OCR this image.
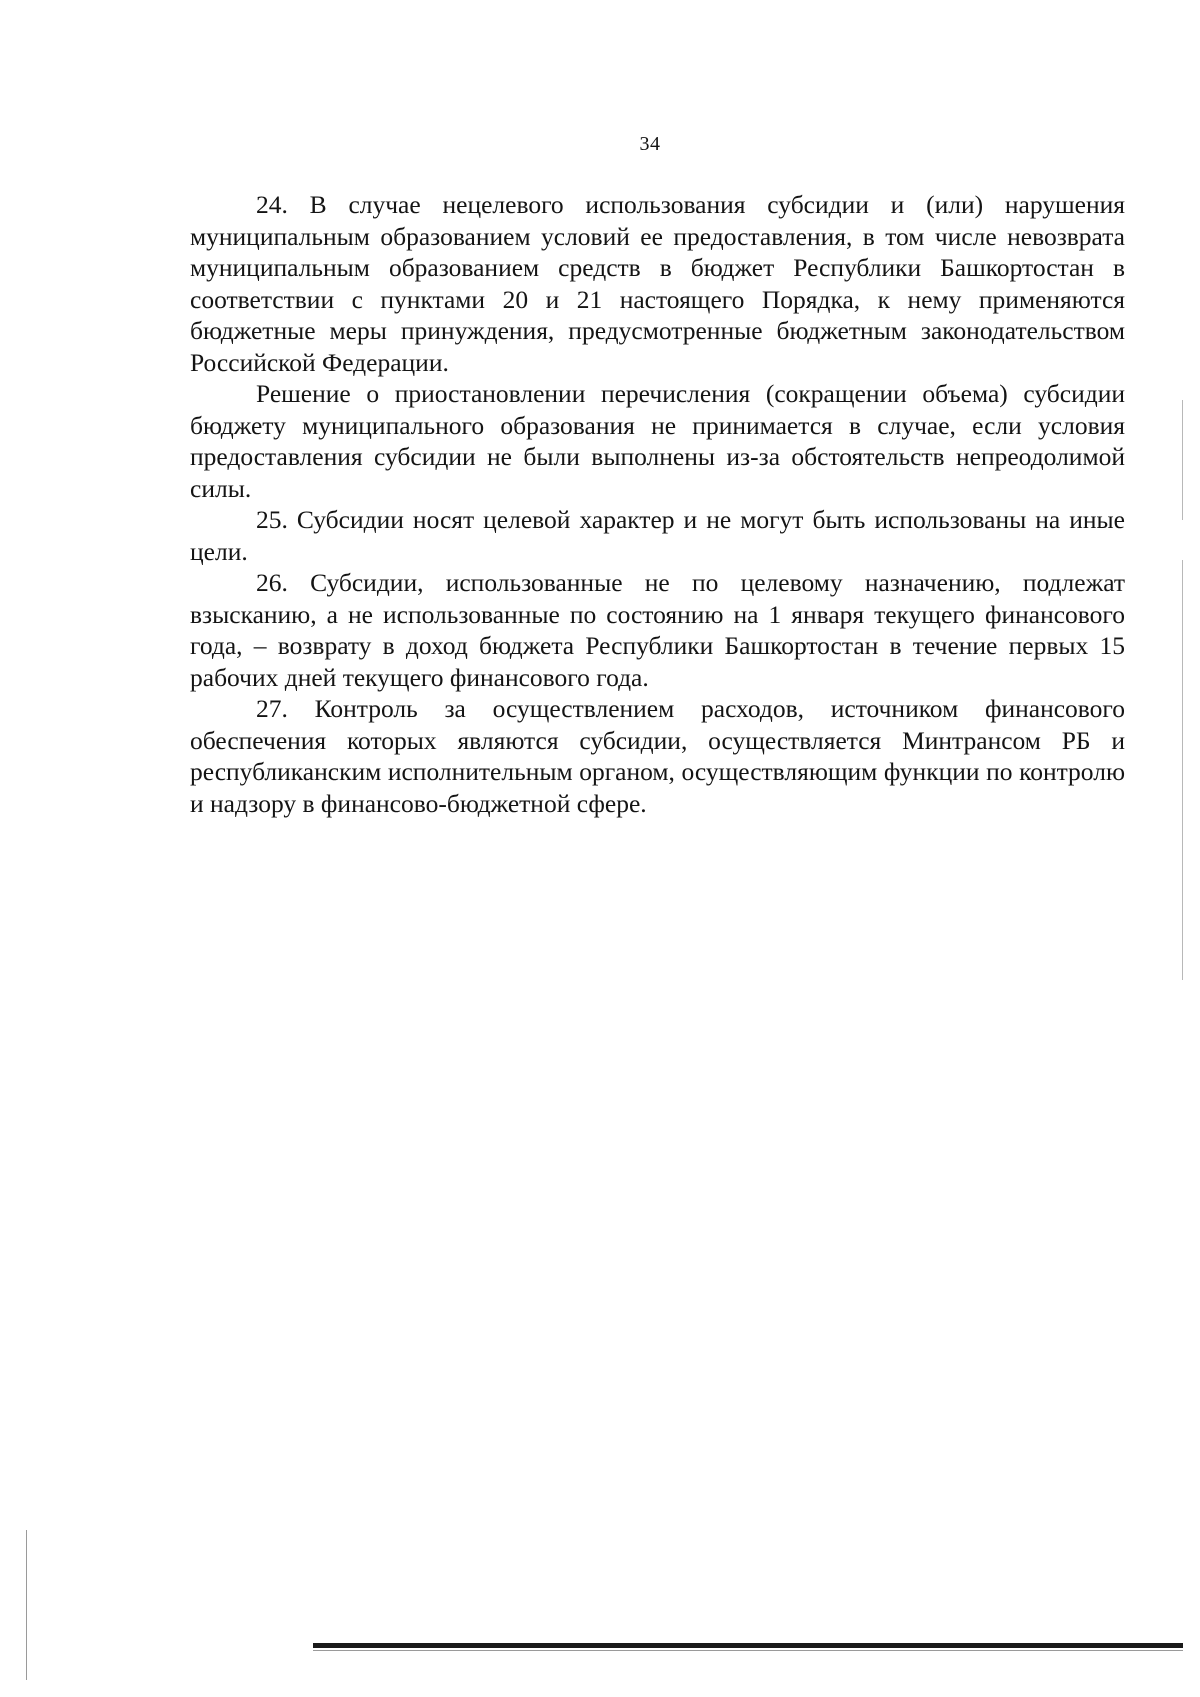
34

24. В случае нецелевого использования субсидии и (или) нарушения муниципальным образованием условий ее предоставления, в том числе невозврата муниципальным образованием средств в бюджет Республики Башкортостан в соответствии с пунктами 20 и 21 настоящего Порядка, к нему применяются бюджетные меры принуждения, предусмотренные бюджетным законодательством Российской Федерации.

Решение о приостановлении перечисления (сокращении объема) субсидии бюджету муниципального образования не принимается в случае, если условия предоставления субсидии не были выполнены из-за обстоятельств непреодолимой силы.

25. Субсидии носят целевой характер и не могут быть использованы на иные цели.

26. Субсидии, использованные не по целевому назначению, подлежат взысканию, а не использованные по состоянию на 1 января текущего финансового года, – возврату в доход бюджета Республики Башкортостан в течение первых 15 рабочих дней текущего финансового года.

27. Контроль за осуществлением расходов, источником финансового обеспечения которых являются субсидии, осуществляется Минтрансом РБ и республиканским исполнительным органом, осуществляющим функции по контролю и надзору в финансово-бюджетной сфере.
